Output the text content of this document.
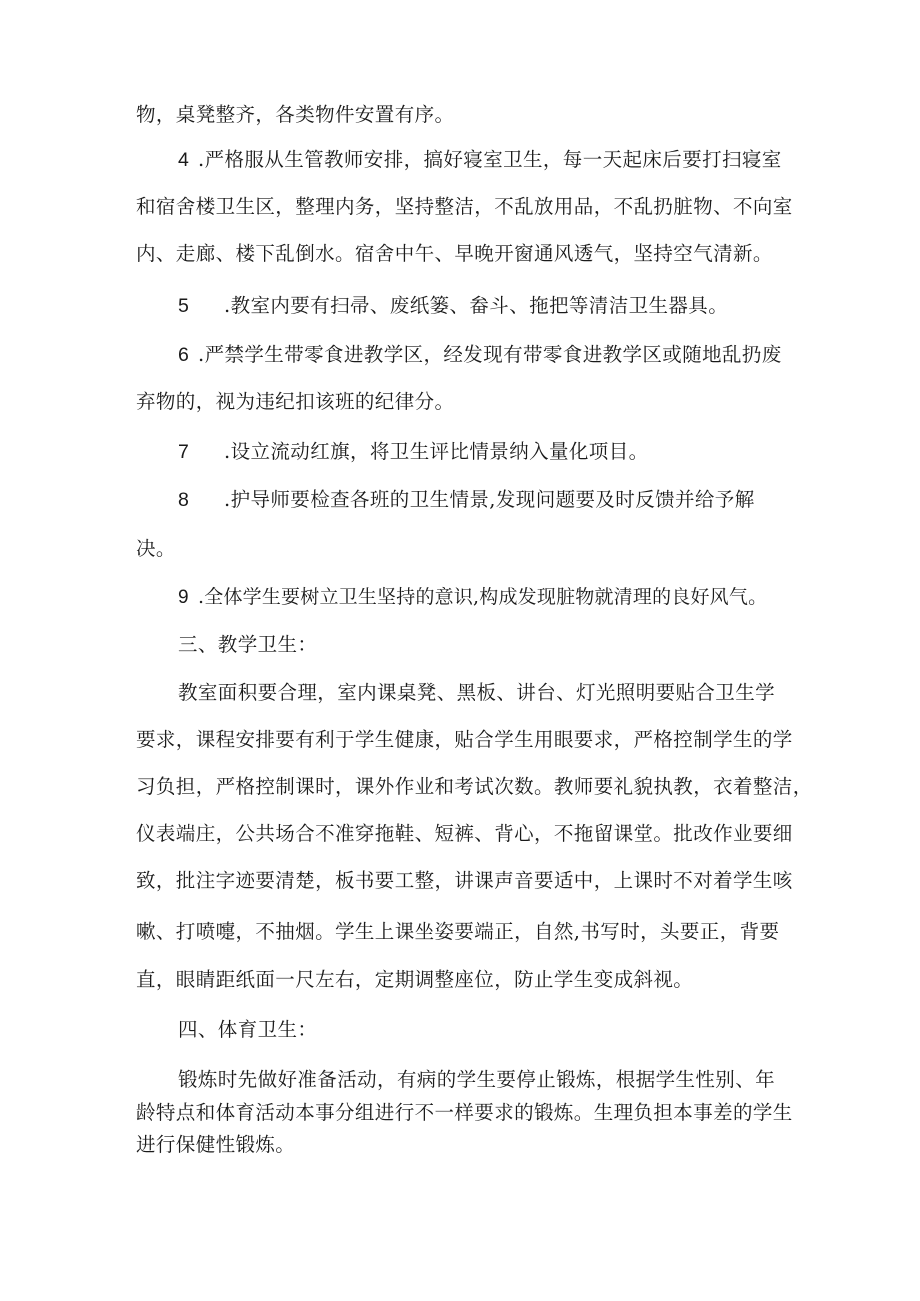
物，桌凳整齐，各类物件安置有序。
4 .严格服从生管教师安排，搞好寝室卫生，每一天起床后要打扫寝室
和宿舍楼卫生区，整理内务，坚持整洁，不乱放用品，不乱扔脏物、不向室
内、走廊、楼下乱倒水。宿舍中午、早晚开窗通风透气，坚持空气清新。
5 .教室内要有扫帚、废纸篓、畚斗、拖把等清洁卫生器具。
6 .严禁学生带零食进教学区，经发现有带零食进教学区或随地乱扔废
弃物的，视为违纪扣该班的纪律分。
7 .设立流动红旗，将卫生评比情景纳入量化项目。
8 .护导师要检查各班的卫生情景,发现问题要及时反馈并给予解
决。
9 .全体学生要树立卫生坚持的意识,构成发现脏物就清理的良好风气。
三、教学卫生：
教室面积要合理，室内课桌凳、黑板、讲台、灯光照明要贴合卫生学
要求，课程安排要有利于学生健康，贴合学生用眼要求，严格控制学生的学
习负担，严格控制课时，课外作业和考试次数。教师要礼貌执教，衣着整洁，
仪表端庄，公共场合不准穿拖鞋、短裤、背心，不拖留课堂。批改作业要细
致，批注字迹要清楚，板书要工整，讲课声音要适中，上课时不对着学生咳
嗽、打喷嚏，不抽烟。学生上课坐姿要端正，自然,书写时，头要正，背要
直，眼睛距纸面一尺左右，定期调整座位，防止学生变成斜视。
四、体育卫生：
锻炼时先做好准备活动，有病的学生要停止锻炼，根据学生性别、年
龄特点和体育活动本事分组进行不一样要求的锻炼。生理负担本事差的学生
进行保健性锻炼。
